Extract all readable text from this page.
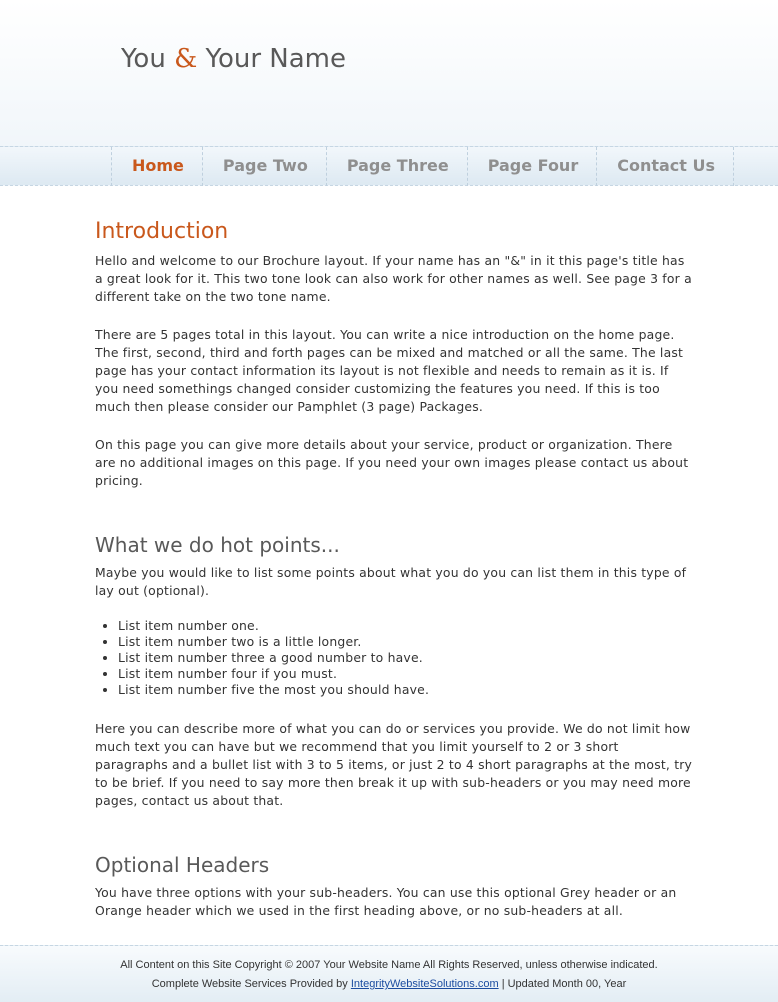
You & Your Name
Home	Page Two	Page Three	Page Four	Contact Us
Introduction

Hello and welcome to our Brochure layout. If your name has an "&" in it this page's title has a great look for it. This two tone look can also work for other names as well. See page 3 for a different take on the two tone name.

There are 5 pages total in this layout. You can write a nice introduction on the home page. The first, second, third and forth pages can be mixed and matched or all the same. The last page has your contact information its layout is not flexible and needs to remain as it is. If you need somethings changed consider customizing the features you need. If this is too much then please consider our Pamphlet (3 page) Packages.

On this page you can give more details about your service, product or organization. There are no additional images on this page. If you need your own images please contact us about pricing.

What we do hot points...

Maybe you would like to list some points about what you do you can list them in this type of lay out (optional).

• List item number one.
• List item number two is a little longer.
• List item number three a good number to have.
• List item number four if you must.
• List item number five the most you should have.

Here you can describe more of what you can do or services you provide. We do not limit how much text you can have but we recommend that you limit yourself to 2 or 3 short paragraphs and a bullet list with 3 to 5 items, or just 2 to 4 short paragraphs at the most, try to be brief. If you need to say more then break it up with sub-headers or you may need more pages, contact us about that.

Optional Headers

You have three options with your sub-headers. You can use this optional Grey header or an Orange header which we used in the first heading above, or no sub-headers at all.

All Content on this Site Copyright © 2007 Your Website Name All Rights Reserved, unless otherwise indicated.
Complete Website Services Provided by IntegrityWebsiteSolutions.com | Updated Month 00, Year
